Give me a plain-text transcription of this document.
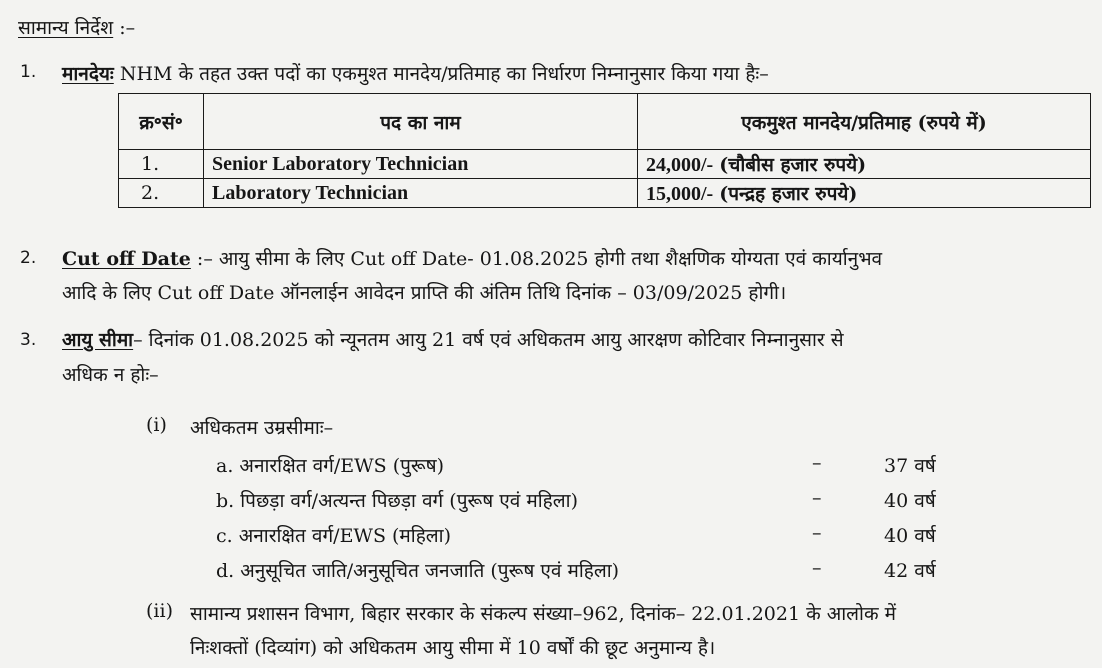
सामान्य निर्देश :–
1. मानदेयः NHM के तहत उक्त पदों का एकमुश्त मानदेय/प्रतिमाह का निर्धारण निम्नानुसार किया गया हैः–
क्र॰सं॰	पद का नाम	एकमुश्त मानदेय/प्रतिमाह (रुपये में)
1.	Senior Laboratory Technician	24,000/- (चौबीस हजार रुपये)
2.	Laboratory Technician	15,000/- (पन्द्रह हजार रुपये)
2. Cut off Date :– आयु सीमा के लिए Cut off Date- 01.08.2025 होगी तथा शैक्षणिक योग्यता एवं कार्यानुभव
आदि के लिए Cut off Date ऑनलाईन आवेदन प्राप्ति की अंतिम तिथि दिनांक – 03/09/2025 होगी।
3. आयु सीमा– दिनांक 01.08.2025 को न्यूनतम आयु 21 वर्ष एवं अधिकतम आयु आरक्षण कोटिवार निम्नानुसार से
अधिक न होः–
(i) अधिकतम उम्रसीमाः–
a. अनारक्षित वर्ग/EWS (पुरूष)	–	37 वर्ष
b. पिछड़ा वर्ग/अत्यन्त पिछड़ा वर्ग (पुरूष एवं महिला)	–	40 वर्ष
c. अनारक्षित वर्ग/EWS (महिला)	–	40 वर्ष
d. अनुसूचित जाति/अनुसूचित जनजाति (पुरूष एवं महिला)	–	42 वर्ष
(ii) सामान्य प्रशासन विभाग, बिहार सरकार के संकल्प संख्या–962, दिनांक– 22.01.2021 के आलोक में
निःशक्तों (दिव्यांग) को अधिकतम आयु सीमा में 10 वर्षों की छूट अनुमान्य है।
